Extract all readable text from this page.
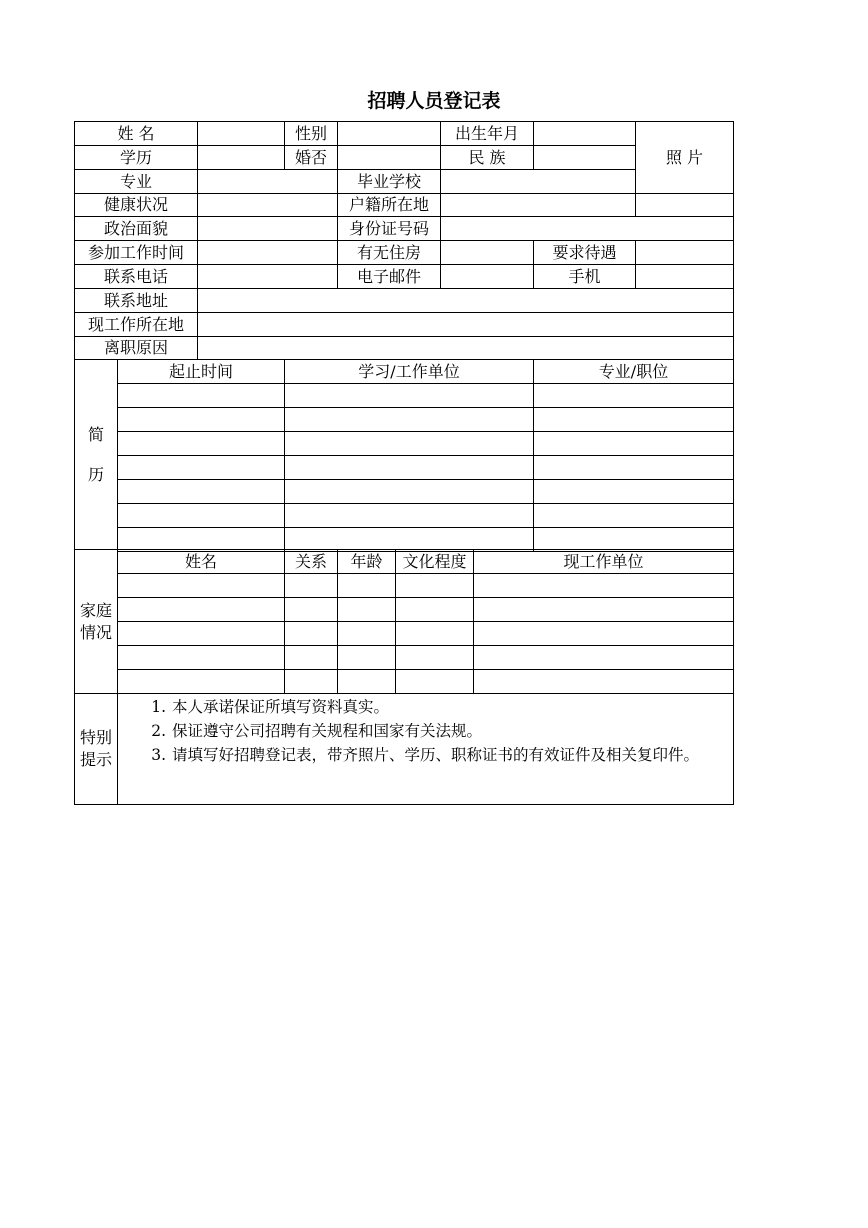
招聘人员登记表
姓 名	性别	出生年月
照 片
学历	婚否	民 族
专业	毕业学校
健康状况	户籍所在地
政治面貌	身份证号码
参加工作时间	有无住房	要求待遇
联系电话	电子邮件	手机
联系地址
现工作所在地
离职原因
简
历
起止时间	学习/工作单位	专业/职位
家庭
情况
姓名	关系	年龄	文化程度	现工作单位
特别
提示
1. 本人承诺保证所填写资料真实。
2. 保证遵守公司招聘有关规程和国家有关法规。
3. 请填写好招聘登记表，带齐照片、学历、职称证书的有效证件及相关复印件。
